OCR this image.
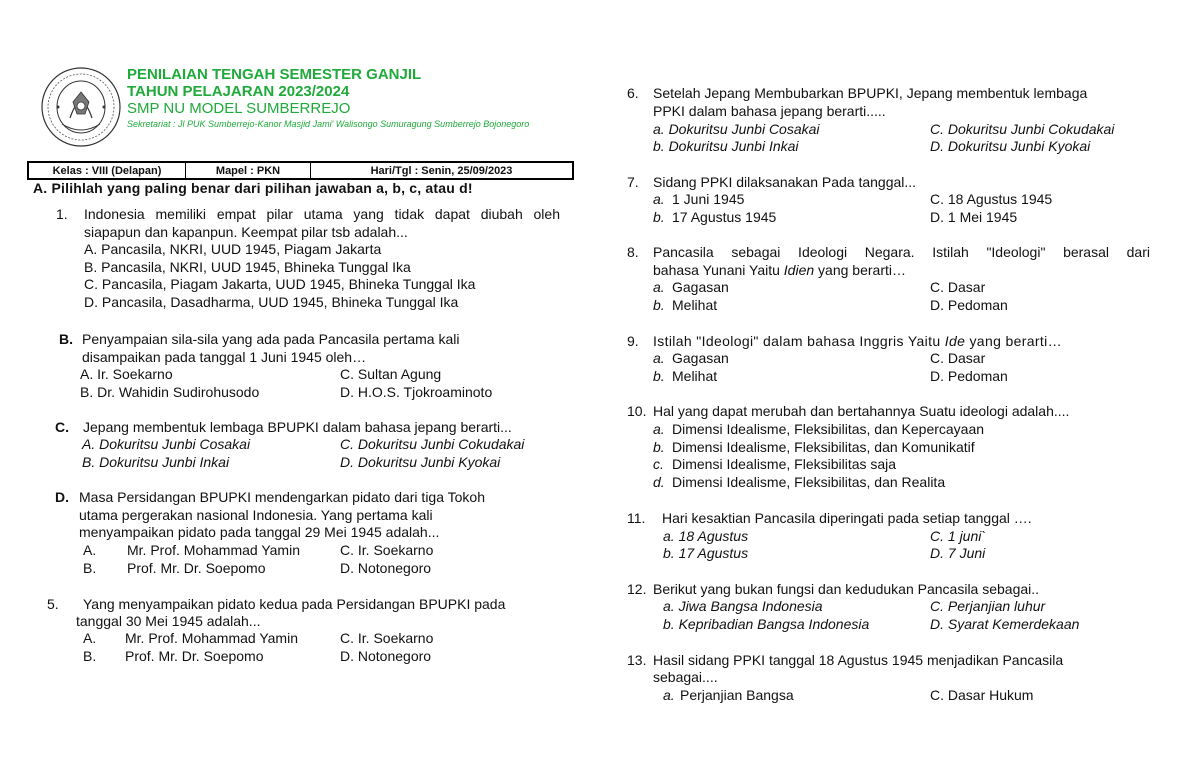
PENILAIAN TENGAH SEMESTER GANJIL
TAHUN PELAJARAN 2023/2024
SMP NU MODEL SUMBERREJO
Sekretariat : Jl PUK Sumberrejo-Kanor Masjid Jami' Walisongo Sumuragung Sumberrejo Bojonegoro
Kelas : VIII (Delapan)	Mapel : PKN	Hari/Tgl : Senin, 25/09/2023
A. Pilihlah yang paling benar dari pilihan jawaban a, b, c, atau d!
1. Indonesia memiliki empat pilar utama yang tidak dapat diubah oleh
siapapun dan kapanpun. Keempat pilar tsb adalah...
A. Pancasila, NKRI, UUD 1945, Piagam Jakarta
B. Pancasila, NKRI, UUD 1945, Bhineka Tunggal Ika
C. Pancasila, Piagam Jakarta, UUD 1945, Bhineka Tunggal Ika
D. Pancasila, Dasadharma, UUD 1945, Bhineka Tunggal Ika
B. Penyampaian sila-sila yang ada pada Pancasila pertama kali
disampaikan pada tanggal 1 Juni 1945 oleh…
A. Ir. Soekarno
B. Dr. Wahidin Sudirohusodo
C. Sultan Agung
D. H.O.S. Tjokroaminoto
C. Jepang membentuk lembaga BPUPKI dalam bahasa jepang berarti...
A. Dokuritsu Junbi Cosakai
B. Dokuritsu Junbi Inkai
C. Dokuritsu Junbi Cokudakai
D. Dokuritsu Junbi Kyokai
D. Masa Persidangan BPUPKI mendengarkan pidato dari tiga Tokoh
utama pergerakan nasional Indonesia. Yang pertama kali
menyampaikan pidato pada tanggal 29 Mei 1945 adalah...
A. Mr. Prof. Mohammad Yamin
B. Prof. Mr. Dr. Soepomo
C. Ir. Soekarno
D. Notonegoro
5. Yang menyampaikan pidato kedua pada Persidangan BPUPKI pada
tanggal 30 Mei 1945 adalah...
A. Mr. Prof. Mohammad Yamin
B. Prof. Mr. Dr. Soepomo
C. Ir. Soekarno
D. Notonegoro
6. Setelah Jepang Membubarkan BPUPKI, Jepang membentuk lembaga
PPKI dalam bahasa jepang berarti.....
a. Dokuritsu Junbi Cosakai
b. Dokuritsu Junbi Inkai
C. Dokuritsu Junbi Cokudakai
D. Dokuritsu Junbi Kyokai
7. Sidang PPKI dilaksanakan Pada tanggal...
a. 1 Juni 1945
b. 17 Agustus 1945
C. 18 Agustus 1945
D. 1 Mei 1945
8. Pancasila sebagai Ideologi Negara. Istilah "Ideologi" berasal dari
bahasa Yunani Yaitu Idien yang berarti…
a. Gagasan
b. Melihat
C. Dasar
D. Pedoman
9. Istilah "Ideologi" dalam bahasa Inggris Yaitu Ide yang berarti…
a. Gagasan
b. Melihat
C. Dasar
D. Pedoman
10. Hal yang dapat merubah dan bertahannya Suatu ideologi adalah....
a. Dimensi Idealisme, Fleksibilitas, dan Kepercayaan
b. Dimensi Idealisme, Fleksibilitas, dan Komunikatif
c. Dimensi Idealisme, Fleksibilitas saja
d. Dimensi Idealisme, Fleksibilitas, dan Realita
11. Hari kesaktian Pancasila diperingati pada setiap tanggal ….
a. 18 Agustus
b. 17 Agustus
C. 1 juni`
D. 7 Juni
12. Berikut yang bukan fungsi dan kedudukan Pancasila sebagai..
a. Jiwa Bangsa Indonesia
b. Kepribadian Bangsa Indonesia
C. Perjanjian luhur
D. Syarat Kemerdekaan
13. Hasil sidang PPKI tanggal 18 Agustus 1945 menjadikan Pancasila
sebagai....
a. Perjanjian Bangsa	C. Dasar Hukum
